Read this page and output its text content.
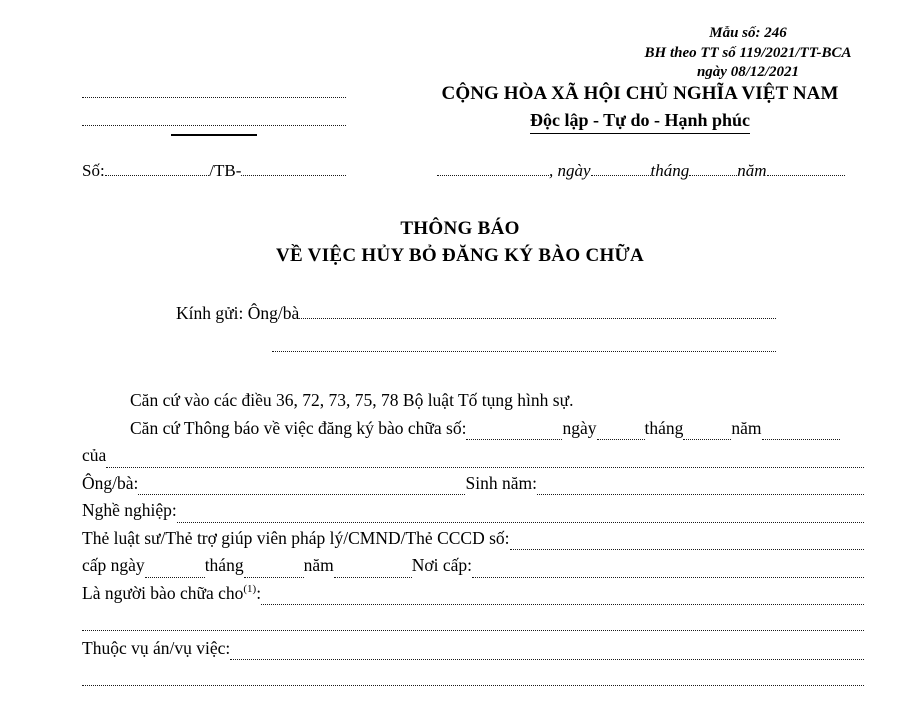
Mẫu số: 246
BH theo TT số 119/2021/TT-BCA
ngày 08/12/2021
CỘNG HÒA XÃ HỘI CHỦ NGHĨA VIỆT NAM
Độc lập - Tự do - Hạnh phúc
Số:	/TB-	, ngày	tháng	năm
THÔNG BÁO
VỀ VIỆC HỦY BỎ ĐĂNG KÝ BÀO CHỮA
Kính gửi: Ông/bà
Căn cứ vào các điều 36, 72, 73, 75, 78 Bộ luật Tố tụng hình sự.
Căn cứ Thông báo về việc đăng ký bào chữa số:	ngày	tháng	năm
của
Ông/bà:	Sinh năm:
Nghề nghiệp:
Thẻ luật sư/Thẻ trợ giúp viên pháp lý/CMND/Thẻ CCCD số:
cấp ngày	tháng	năm	Nơi cấp:
Là người bào chữa cho$^{(1)}$:
Thuộc vụ án/vụ việc:
